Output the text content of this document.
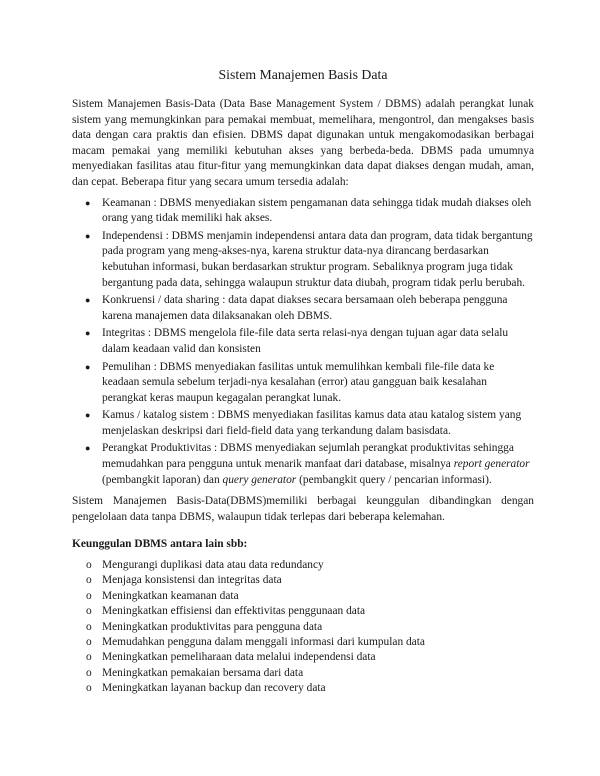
Sistem Manajemen Basis Data

Sistem Manajemen Basis-Data (Data Base Management System / DBMS) adalah perangkat lunak sistem yang memungkinkan para pemakai membuat, memelihara, mengontrol, dan mengakses basis data dengan cara praktis dan efisien. DBMS dapat digunakan untuk mengakomodasikan berbagai macam pemakai yang memiliki kebutuhan akses yang berbeda-beda. DBMS pada umumnya menyediakan fasilitas atau fitur-fitur yang memungkinkan data dapat diakses dengan mudah, aman, dan cepat. Beberapa fitur yang secara umum tersedia adalah:

● Keamanan : DBMS menyediakan sistem pengamanan data sehingga tidak mudah diakses oleh orang yang tidak memiliki hak akses.
● Independensi : DBMS menjamin independensi antara data dan program, data tidak bergantung pada program yang meng-akses-nya, karena struktur data-nya dirancang berdasarkan kebutuhan informasi, bukan berdasarkan struktur program. Sebaliknya program juga tidak bergantung pada data, sehingga walaupun struktur data diubah, program tidak perlu berubah.
● Konkruensi / data sharing : data dapat diakses secara bersamaan oleh beberapa pengguna karena manajemen data dilaksanakan oleh DBMS.
● Integritas : DBMS mengelola file-file data serta relasi-nya dengan tujuan agar data selalu dalam keadaan valid dan konsisten
● Pemulihan : DBMS menyediakan fasilitas untuk memulihkan kembali file-file data ke keadaan semula sebelum terjadi-nya kesalahan (error) atau gangguan baik kesalahan perangkat keras maupun kegagalan perangkat lunak.
● Kamus / katalog sistem : DBMS menyediakan fasilitas kamus data atau katalog sistem yang menjelaskan deskripsi dari field-field data yang terkandung dalam basisdata.
● Perangkat Produktivitas : DBMS menyediakan sejumlah perangkat produktivitas sehingga memudahkan para pengguna untuk menarik manfaat dari database, misalnya report generator (pembangkit laporan) dan query generator (pembangkit query / pencarian informasi).

Sistem Manajemen Basis-Data(DBMS)memiliki berbagai keunggulan dibandingkan dengan pengelolaan data tanpa DBMS, walaupun tidak terlepas dari beberapa kelemahan.

Keunggulan DBMS antara lain sbb:

o Mengurangi duplikasi data atau data redundancy
o Menjaga konsistensi dan integritas data
o Meningkatkan keamanan data
o Meningkatkan effisiensi dan effektivitas penggunaan data
o Meningkatkan produktivitas para pengguna data
o Memudahkan pengguna dalam menggali informasi dari kumpulan data
o Meningkatkan pemeliharaan data melalui independensi data
o Meningkatkan pemakaian bersama dari data
o Meningkatkan layanan backup dan recovery data
